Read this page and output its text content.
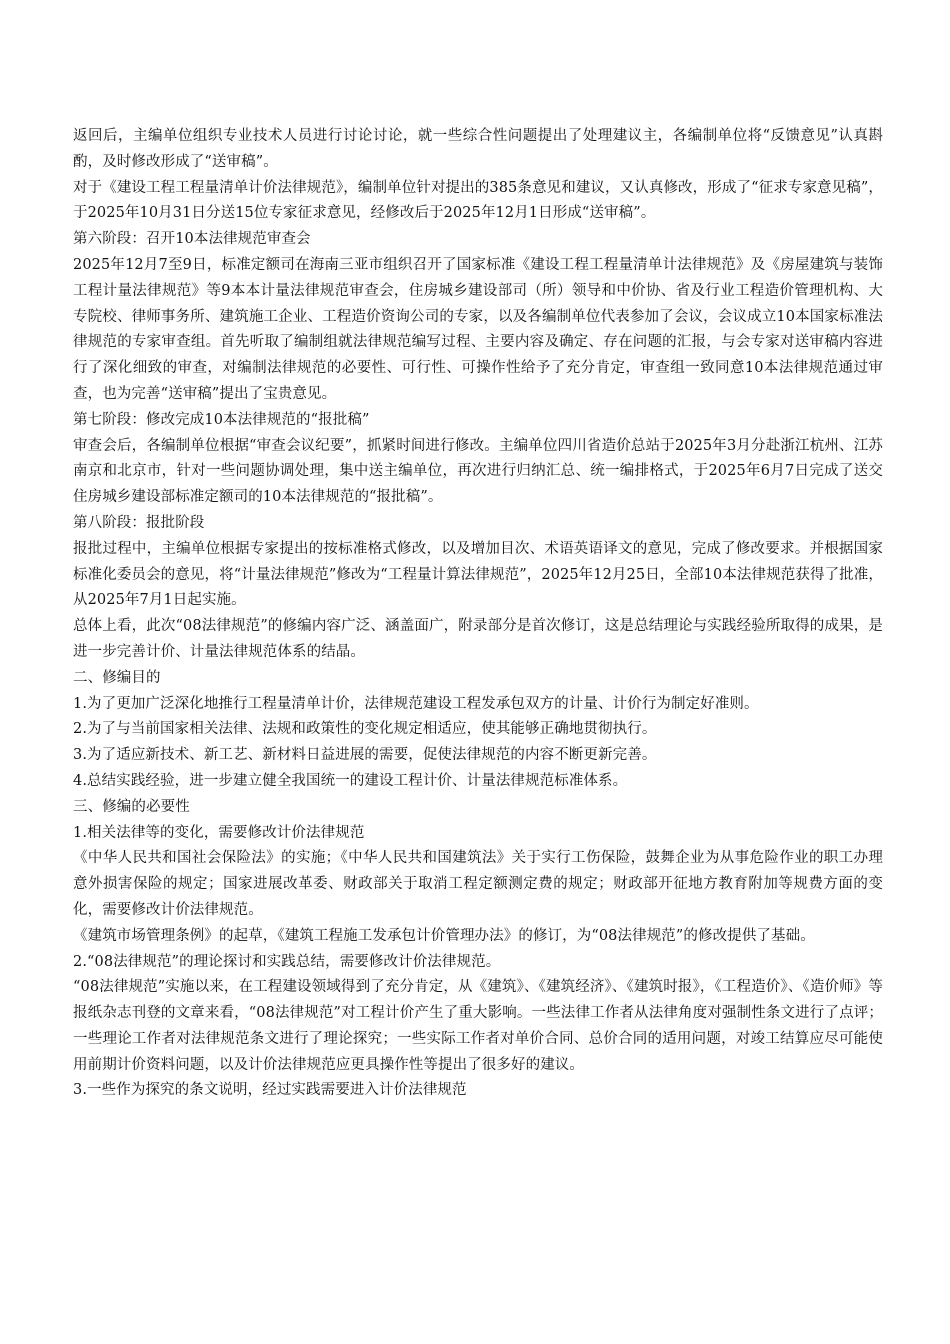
返回后，主编单位组织专业技术人员进行讨论讨论，就一些综合性问题提出了处理建议主，各编制单位将“反馈意见”认真斟酌，及时修改形成了“送审稿”。

对于《建设工程工程量清单计价法律规范》，编制单位针对提出的385条意见和建议，又认真修改，形成了“征求专家意见稿”，于2025年10月31日分送15位专家征求意见，经修改后于2025年12月1日形成“送审稿”。

第六阶段：召开10本法律规范审查会

2025年12月7至9日，标准定额司在海南三亚市组织召开了国家标准《建设工程工程量清单计法律规范》及《房屋建筑与装饰工程计量法律规范》等9本本计量法律规范审查会，住房城乡建设部司（所）领导和中价协、省及行业工程造价管理机构、大专院校、律师事务所、建筑施工企业、工程造价资询公司的专家，以及各编制单位代表参加了会议，会议成立10本国家标准法律规范的专家审查组。首先听取了编制组就法律规范编写过程、主要内容及确定、存在问题的汇报，与会专家对送审稿内容进行了深化细致的审查，对编制法律规范的必要性、可行性、可操作性给予了充分肯定，审查组一致同意10本法律规范通过审查，也为完善“送审稿”提出了宝贵意见。

第七阶段：修改完成10本法律规范的“报批稿”

审查会后，各编制单位根据“审查会议纪要”，抓紧时间进行修改。主编单位四川省造价总站于2025年3月分赴浙江杭州、江苏南京和北京市，针对一些问题协调处理，集中送主编单位，再次进行归纳汇总、统一编排格式，于2025年6月7日完成了送交住房城乡建设部标准定额司的10本法律规范的“报批稿”。

第八阶段：报批阶段

报批过程中，主编单位根据专家提出的按标准格式修改，以及增加目次、术语英语译文的意见，完成了修改要求。并根据国家标准化委员会的意见，将“计量法律规范”修改为“工程量计算法律规范”，2025年12月25日，全部10本法律规范获得了批准，从2025年7月1日起实施。

总体上看，此次“08法律规范”的修编内容广泛、涵盖面广，附录部分是首次修订，这是总结理论与实践经验所取得的成果，是进一步完善计价、计量法律规范体系的结晶。

二、修编目的

1.为了更加广泛深化地推行工程量清单计价，法律规范建设工程发承包双方的计量、计价行为制定好准则。

2.为了与当前国家相关法律、法规和政策性的变化规定相适应，使其能够正确地贯彻执行。

3.为了适应新技术、新工艺、新材料日益进展的需要，促使法律规范的内容不断更新完善。

4.总结实践经验，进一步建立健全我国统一的建设工程计价、计量法律规范标准体系。

三、修编的必要性

1.相关法律等的变化，需要修改计价法律规范

《中华人民共和国社会保险法》的实施；《中华人民共和国建筑法》关于实行工伤保险，鼓舞企业为从事危险作业的职工办理意外损害保险的规定；国家进展改革委、财政部关于取消工程定额测定费的规定；财政部开征地方教育附加等规费方面的变化，需要修改计价法律规范。

《建筑市场管理条例》的起草，《建筑工程施工发承包计价管理办法》的修订，为“08法律规范”的修改提供了基础。

2.“08法律规范”的理论探讨和实践总结，需要修改计价法律规范。

“08法律规范”实施以来，在工程建设领域得到了充分肯定，从《建筑》、《建筑经济》、《建筑时报》，《工程造价》、《造价师》等报纸杂志刊登的文章来看，“08法律规范”对工程计价产生了重大影响。一些法律工作者从法律角度对强制性条文进行了点评；一些理论工作者对法律规范条文进行了理论探究；一些实际工作者对单价合同、总价合同的适用问题，对竣工结算应尽可能使用前期计价资料问题，以及计价法律规范应更具操作性等提出了很多好的建议。

3.一些作为探究的条文说明，经过实践需要进入计价法律规范
